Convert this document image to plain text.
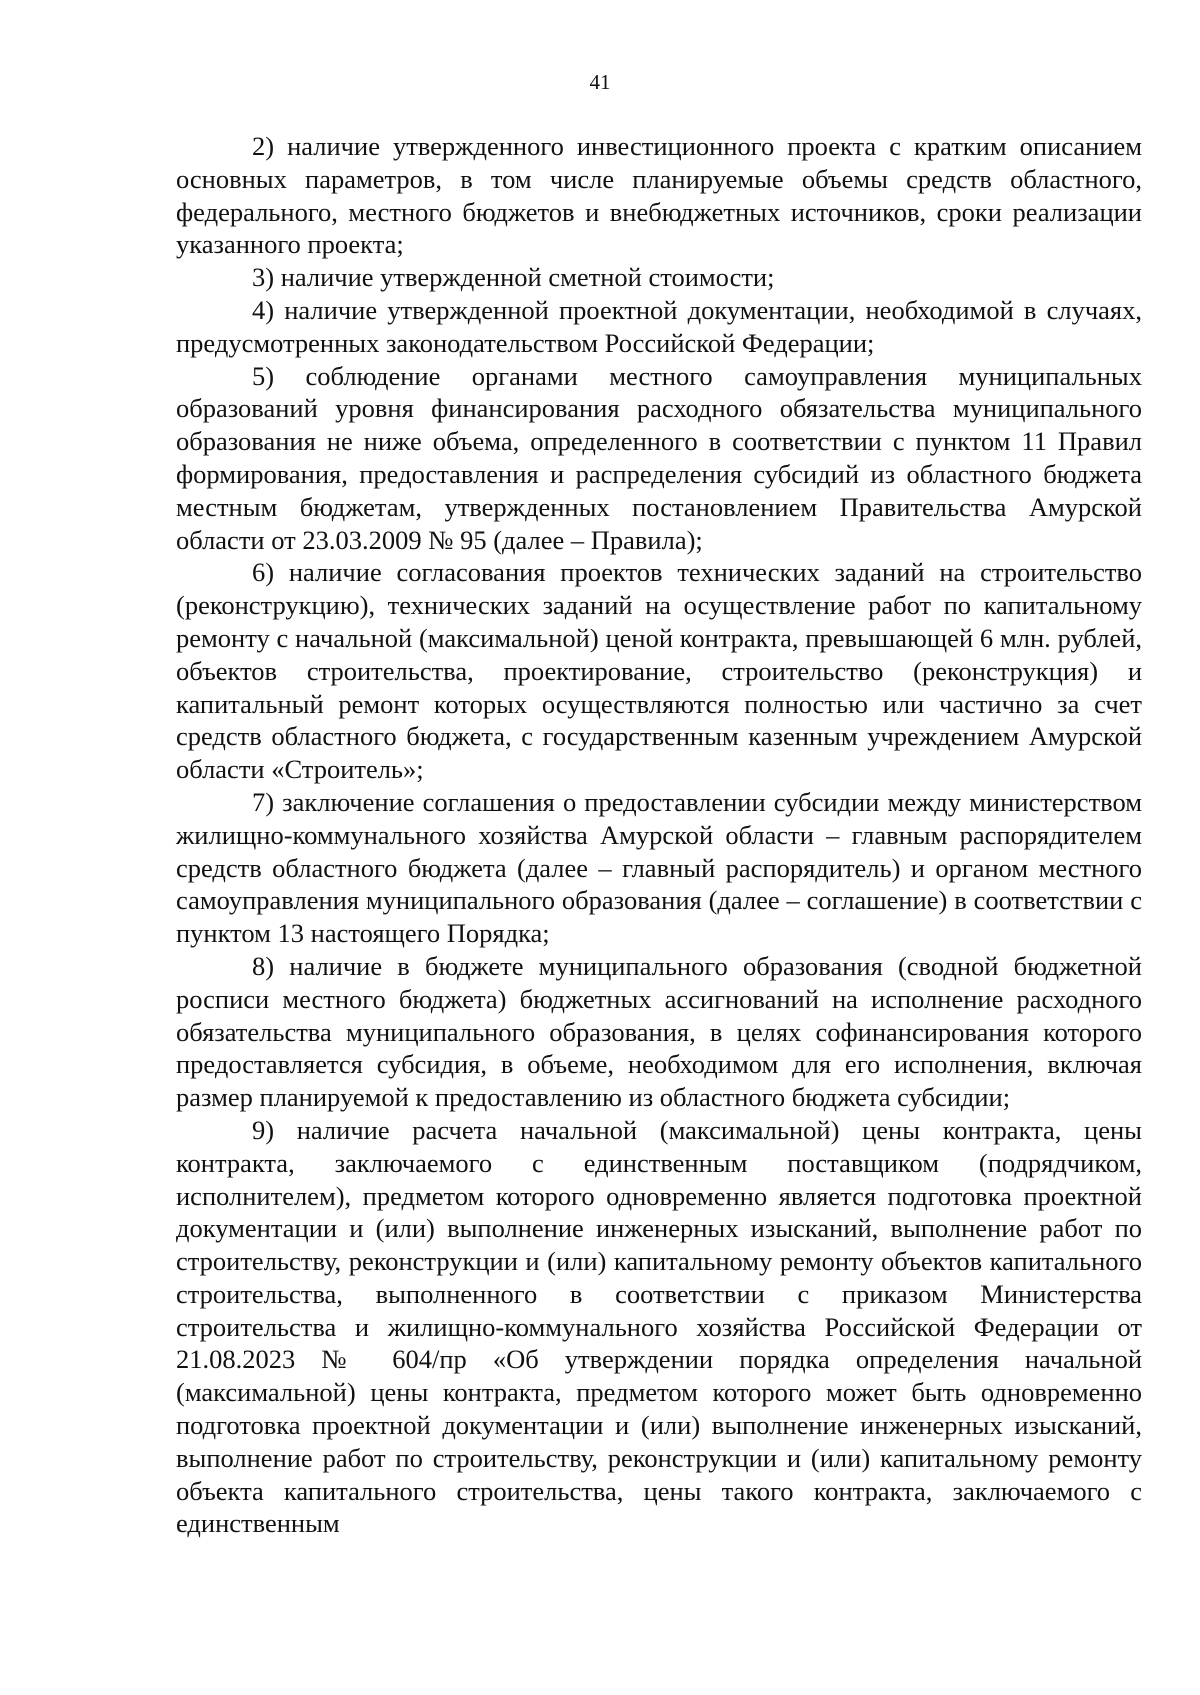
41

2) наличие утвержденного инвестиционного проекта с кратким описанием основных параметров, в том числе планируемые объемы средств областного, федерального, местного бюджетов и внебюджетных источников, сроки реализации указанного проекта;

3) наличие утвержденной сметной стоимости;

4) наличие утвержденной проектной документации, необходимой в случаях, предусмотренных законодательством Российской Федерации;

5) соблюдение органами местного самоуправления муниципальных образований уровня финансирования расходного обязательства муниципального образования не ниже объема, определенного в соответствии с пунктом 11 Правил формирования, предоставления и распределения субсидий из областного бюджета местным бюджетам, утвержденных постановлением Правительства Амурской области от 23.03.2009 № 95 (далее – Правила);

6) наличие согласования проектов технических заданий на строительство (реконструкцию), технических заданий на осуществление работ по капитальному ремонту с начальной (максимальной) ценой контракта, превышающей 6 млн. рублей, объектов строительства, проектирование, строительство (реконструкция) и капитальный ремонт которых осуществляются полностью или частично за счет средств областного бюджета, с государственным казенным учреждением Амурской области «Строитель»;

7) заключение соглашения о предоставлении субсидии между министерством жилищно-коммунального хозяйства Амурской области – главным распорядителем средств областного бюджета (далее – главный распорядитель) и органом местного самоуправления муниципального образования (далее – соглашение) в соответствии с пунктом 13 настоящего Порядка;

8) наличие в бюджете муниципального образования (сводной бюджетной росписи местного бюджета) бюджетных ассигнований на исполнение расходного обязательства муниципального образования, в целях софинансирования которого предоставляется субсидия, в объеме, необходимом для его исполнения, включая размер планируемой к предоставлению из областного бюджета субсидии;

9) наличие расчета начальной (максимальной) цены контракта, цены контракта, заключаемого с единственным поставщиком (подрядчиком, исполнителем), предметом которого одновременно является подготовка проектной документации и (или) выполнение инженерных изысканий, выполнение работ по строительству, реконструкции и (или) капитальному ремонту объектов капитального строительства, выполненного в соответствии с приказом Министерства строительства и жилищно-коммунального хозяйства Российской Федерации от 21.08.2023 № 604/пр «Об утверждении порядка определения начальной (максимальной) цены контракта, предметом которого может быть одновременно подготовка проектной документации и (или) выполнение инженерных изысканий, выполнение работ по строительству, реконструкции и (или) капитальному ремонту объекта капитального строительства, цены такого контракта, заключаемого с единственным
